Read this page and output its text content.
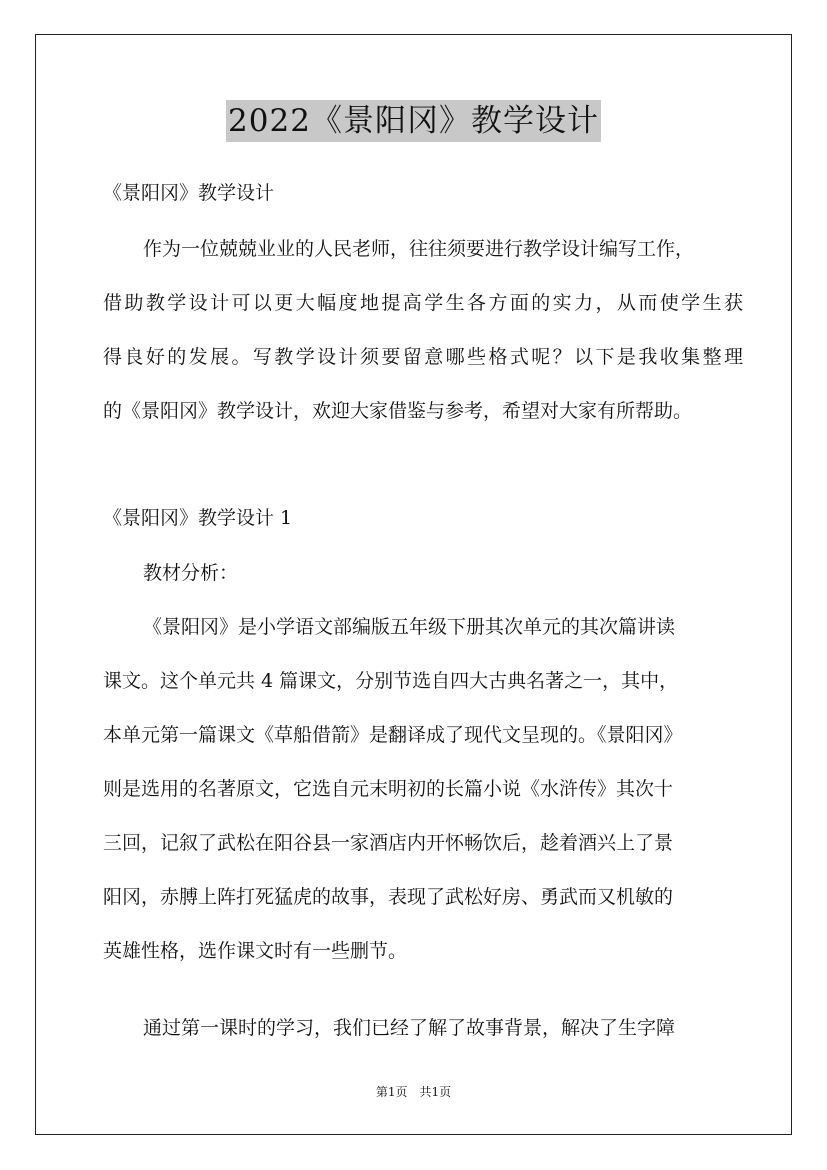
2022《景阳冈》教学设计
《景阳冈》教学设计
作为一位兢兢业业的人民老师，往往须要进行教学设计编写工作，
借助教学设计可以更大幅度地提高学生各方面的实力，从而使学生获
得良好的发展。写教学设计须要留意哪些格式呢？以下是我收集整理
的《景阳冈》教学设计，欢迎大家借鉴与参考，希望对大家有所帮助。
《景阳冈》教学设计 1
教材分析：
《景阳冈》是小学语文部编版五年级下册其次单元的其次篇讲读
课文。这个单元共 4 篇课文，分别节选自四大古典名著之一，其中，
本单元第一篇课文《草船借箭》是翻译成了现代文呈现的。《景阳冈》
则是选用的名著原文，它选自元末明初的长篇小说《水浒传》其次十
三回，记叙了武松在阳谷县一家酒店内开怀畅饮后，趁着酒兴上了景
阳冈，赤膊上阵打死猛虎的故事，表现了武松好房、勇武而又机敏的
英雄性格，选作课文时有一些删节。
通过第一课时的学习，我们已经了解了故事背景，解决了生字障
第1页　共1页
